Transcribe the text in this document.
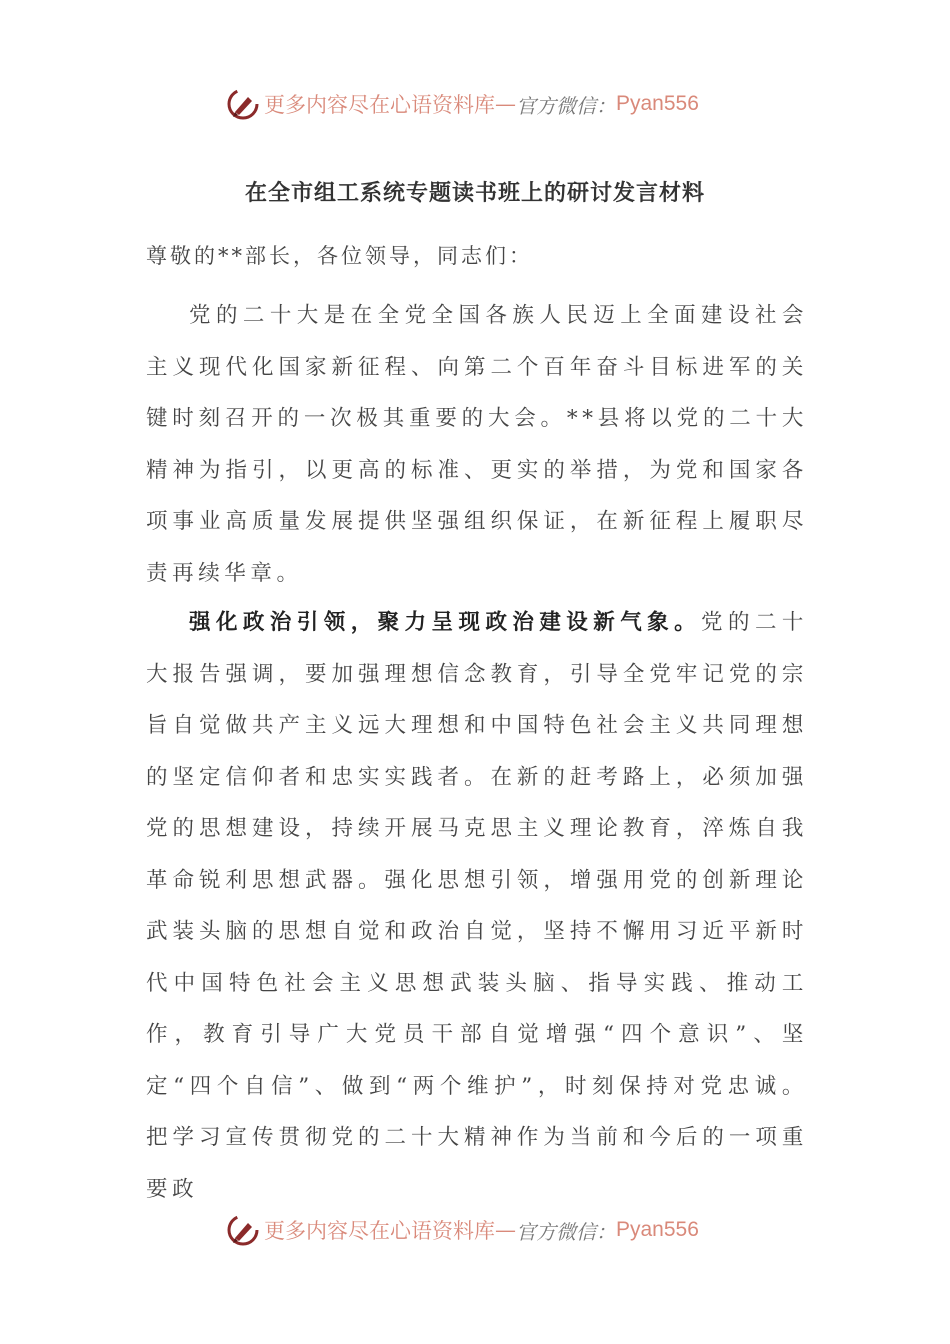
更多内容尽在心语资料库 — 官方微信： Pyan556
在全市组工系统专题读书班上的研讨发言材料
尊敬的**部长，各位领导，同志们：
党的二十大是在全党全国各族人民迈上全面建设社会主义现代化国家新征程、向第二个百年奋斗目标进军的关键时刻召开的一次极其重要的大会。**县将以党的二十大精神为指引，以更高的标准、更实的举措，为党和国家各项事业高质量发展提供坚强组织保证，在新征程上履职尽责再续华章。
强化政治引领，聚力呈现政治建设新气象。党的二十大报告强调，要加强理想信念教育，引导全党牢记党的宗旨自觉做共产主义远大理想和中国特色社会主义共同理想的坚定信仰者和忠实实践者。在新的赶考路上，必须加强党的思想建设，持续开展马克思主义理论教育，淬炼自我革命锐利思想武器。强化思想引领，增强用党的创新理论武装头脑的思想自觉和政治自觉，坚持不懈用习近平新时代中国特色社会主义思想武装头脑、指导实践、推动工作，教育引导广大党员干部自觉增强“四个意识”、坚定“四个自信”、做到“两个维护”，时刻保持对党忠诚。把学习宣传贯彻党的二十大精神作为当前和今后的一项重要政
更多内容尽在心语资料库 — 官方微信： Pyan556
